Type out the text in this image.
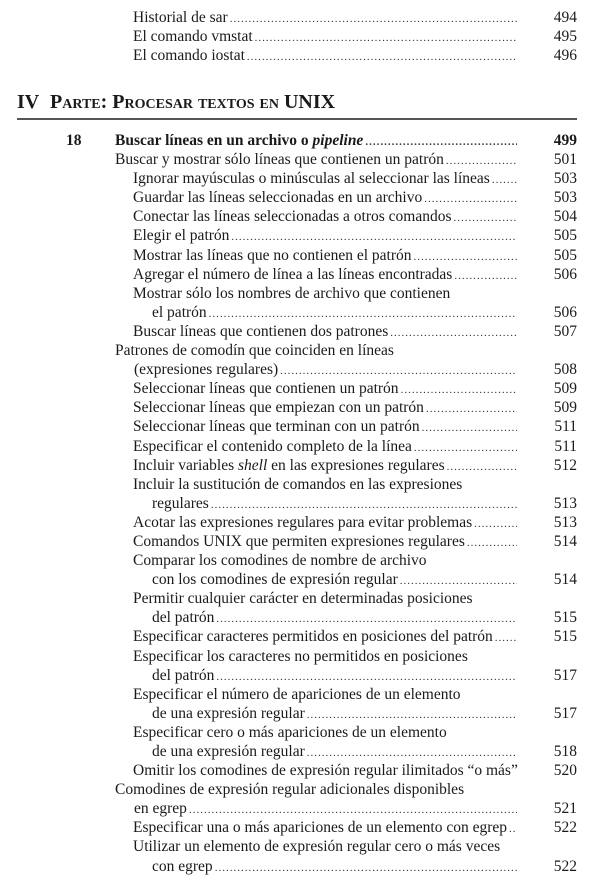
Historial de sar .....	494
El comando vmstat .....	495
El comando iostat .....	496
IV Parte: Procesar textos en UNIX
18 Buscar líneas en un archivo o pipeline .....	499
Buscar y mostrar sólo líneas que contienen un patrón .....	501
Ignorar mayúsculas o minúsculas al seleccionar las líneas .....	503
Guardar las líneas seleccionadas en un archivo .....	503
Conectar las líneas seleccionadas a otros comandos .....	504
Elegir el patrón .....	505
Mostrar las líneas que no contienen el patrón .....	505
Agregar el número de línea a las líneas encontradas .....	506
Mostrar sólo los nombres de archivo que contienen
el patrón .....	506
Buscar líneas que contienen dos patrones .....	507
Patrones de comodín que coinciden en líneas
(expresiones regulares) .....	508
Seleccionar líneas que contienen un patrón .....	509
Seleccionar líneas que empiezan con un patrón .....	509
Seleccionar líneas que terminan con un patrón .....	511
Especificar el contenido completo de la línea .....	511
Incluir variables shell en las expresiones regulares .....	512
Incluir la sustitución de comandos en las expresiones
regulares .....	513
Acotar las expresiones regulares para evitar problemas .....	513
Comandos UNIX que permiten expresiones regulares .....	514
Comparar los comodines de nombre de archivo
con los comodines de expresión regular .....	514
Permitir cualquier carácter en determinadas posiciones
del patrón .....	515
Especificar caracteres permitidos en posiciones del patrón .....	515
Especificar los caracteres no permitidos en posiciones
del patrón .....	517
Especificar el número de apariciones de un elemento
de una expresión regular .....	517
Especificar cero o más apariciones de un elemento
de una expresión regular .....	518
Omitir los comodines de expresión regular ilimitados “o más” 520
Comodines de expresión regular adicionales disponibles
en egrep .....	521
Especificar una o más apariciones de un elemento con egrep .....	522
Utilizar un elemento de expresión regular cero o más veces
con egrep .....	522
